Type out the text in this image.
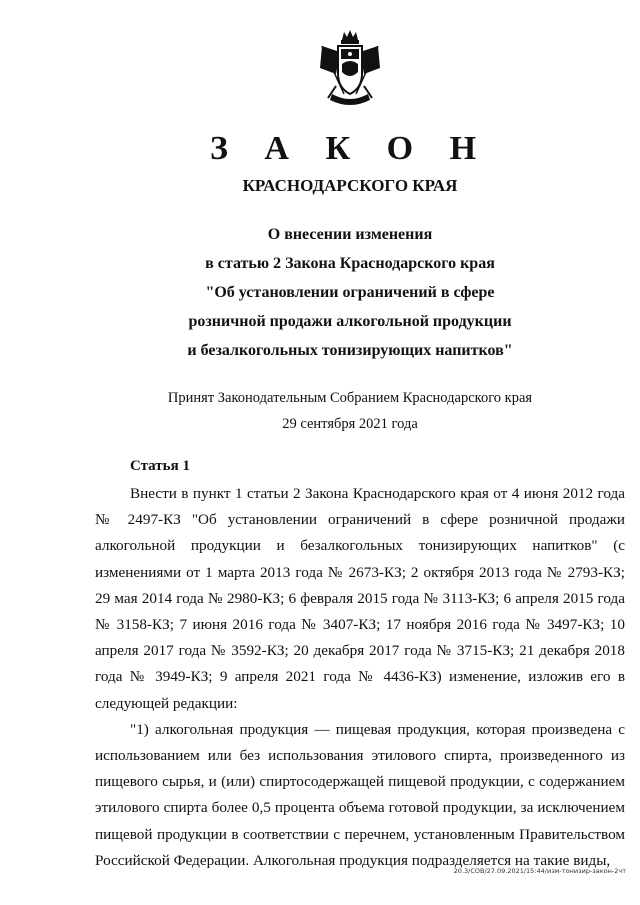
З А К О Н
КРАСНОДАРСКОГО КРАЯ
О внесении изменения
в статью 2 Закона Краснодарского края
"Об установлении ограничений в сфере
розничной продажи алкогольной продукции
и безалкогольных тонизирующих напитков"
Принят Законодательным Собранием Краснодарского края
29 сентября 2021 года
Статья 1

Внести в пункт 1 статьи 2 Закона Краснодарского края от 4 июня 2012 года № 2497-КЗ "Об установлении ограничений в сфере розничной продажи алкогольной продукции и безалкогольных тонизирующих напитков" (с изменениями от 1 марта 2013 года № 2673-КЗ; 2 октября 2013 года № 2793-КЗ; 29 мая 2014 года № 2980-КЗ; 6 февраля 2015 года № 3113-КЗ; 6 апреля 2015 года № 3158-КЗ; 7 июня 2016 года № 3407-КЗ; 17 ноября 2016 года № 3497-КЗ; 10 апреля 2017 года № 3592-КЗ; 20 декабря 2017 года № 3715-КЗ; 21 декабря 2018 года № 3949-КЗ; 9 апреля 2021 года № 4436-КЗ) изменение, изложив его в следующей редакции:

"1) алкогольная продукция — пищевая продукция, которая произведена с использованием или без использования этилового спирта, произведенного из пищевого сырья, и (или) спиртосодержащей пищевой продукции, с содержанием этилового спирта более 0,5 процента объема готовой продукции, за исключением пищевой продукции в соответствии с перечнем, установленным Правительством Российской Федерации. Алкогольная продукция подразделяется на такие виды,

20.3/СОВ/27.09.2021/15:44/изм-тонизир-закон-2чт
